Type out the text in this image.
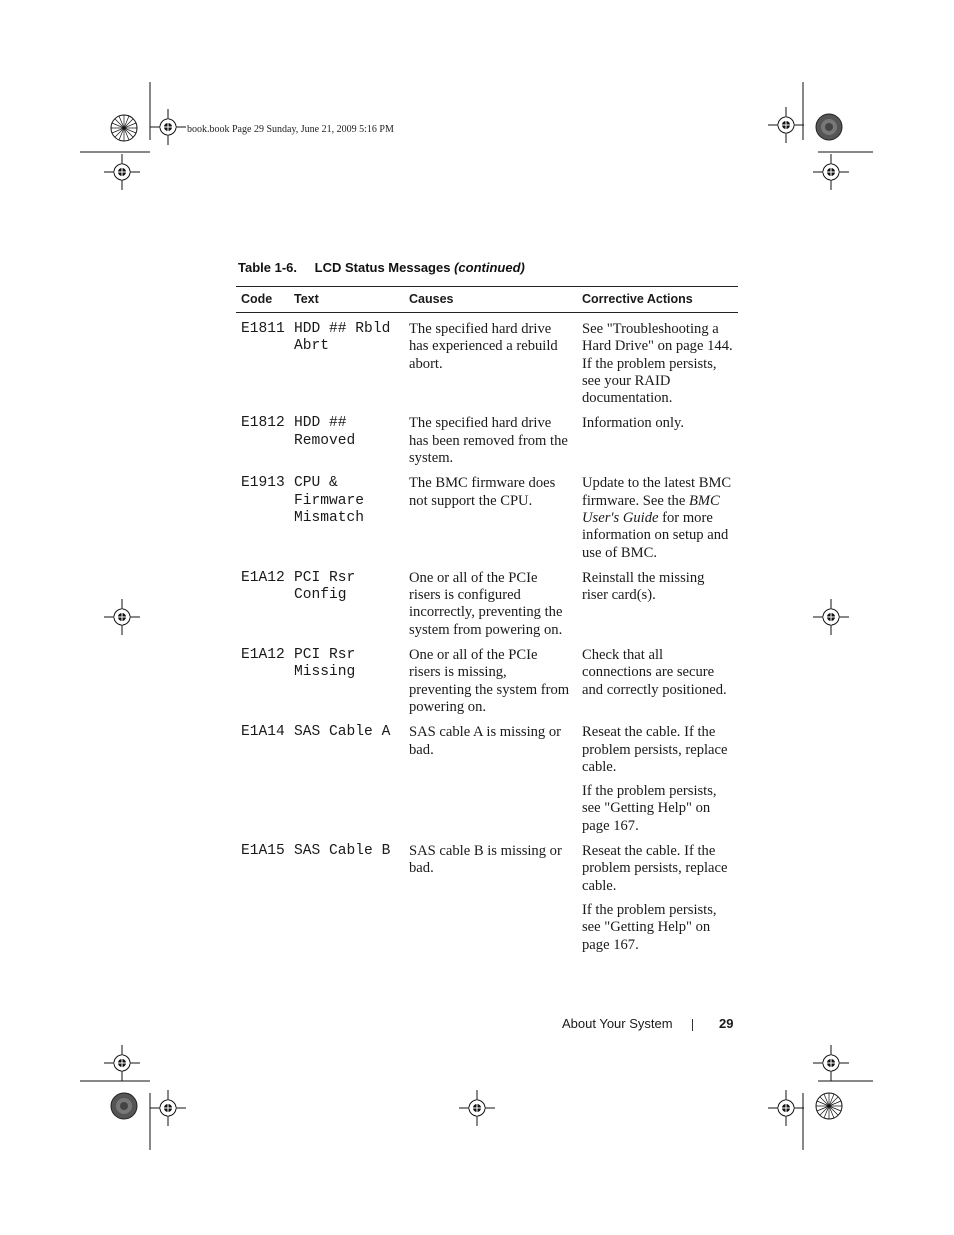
book.book Page 29 Sunday, June 21, 2009 5:16 PM
Table 1-6. LCD Status Messages (continued)
Code	Text	Causes	Corrective Actions
E1811	HDD ## Rbld Abrt	The specified hard drive has experienced a rebuild abort.	See "Troubleshooting a Hard Drive" on page 144. If the problem persists, see your RAID documentation.

E1812	HDD ## Removed	The specified hard drive has been removed from the system.	Information only.

E1913	CPU & Firmware Mismatch	The BMC firmware does not support the CPU.	Update to the latest BMC firmware. See the BMC User's Guide for more information on setup and use of BMC.

E1A12	PCI Rsr Config	One or all of the PCIe risers is configured incorrectly, preventing the system from powering on.	Reinstall the missing riser card(s).

E1A12	PCI Rsr Missing	One or all of the PCIe risers is missing, preventing the system from powering on.	Check that all connections are secure and correctly positioned.

E1A14	SAS Cable A	SAS cable A is missing or bad.	Reseat the cable. If the problem persists, replace cable.

If the problem persists, see "Getting Help" on page 167.

E1A15	SAS Cable B	SAS cable B is missing or bad.	Reseat the cable. If the problem persists, replace cable.

If the problem persists, see "Getting Help" on page 167.

About Your System	29
